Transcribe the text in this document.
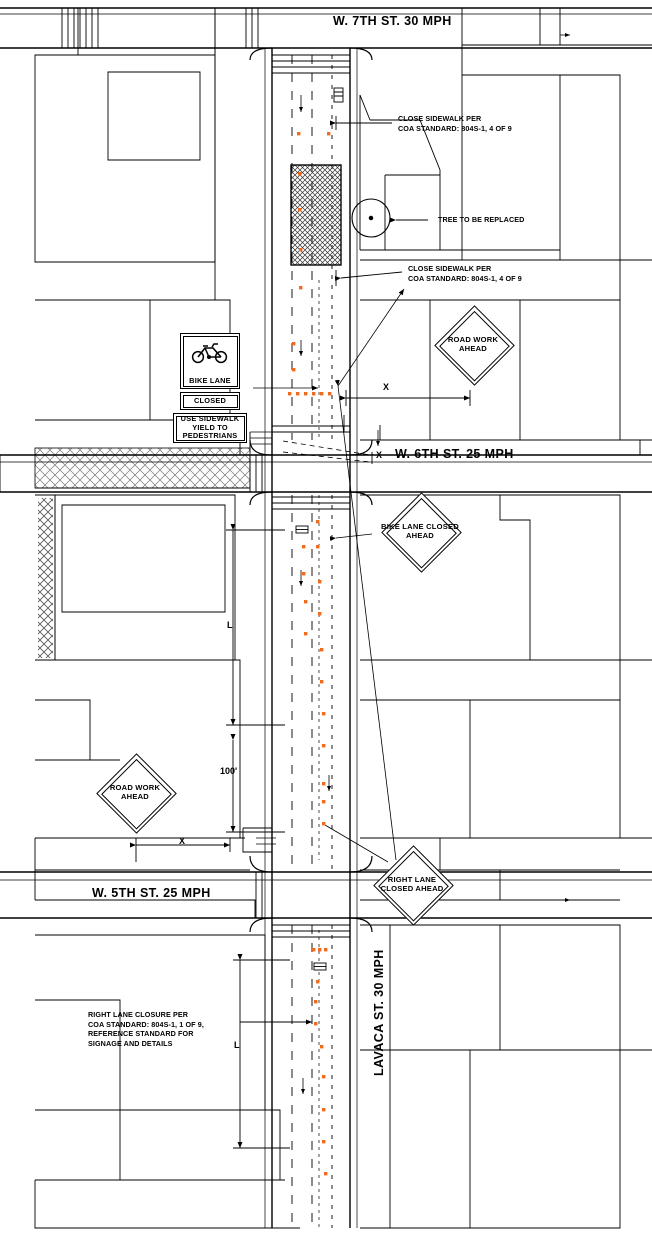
W. 7TH ST. 30 MPH
W. 6TH ST. 25 MPH
W. 5TH ST. 25 MPH
LAVACA ST. 30 MPH
CLOSE SIDEWALK PER
COA STANDARD: 804S-1, 4 OF 9
TREE TO BE REPLACED
CLOSE SIDEWALK PER
COA STANDARD: 804S-1, 4 OF 9
RIGHT LANE CLOSURE PER
COA STANDARD: 804S-1, 1 OF 9,
REFERENCE STANDARD FOR
SIGNAGE AND DETAILS
X
X
L
100'
X
L
ROAD WORK AHEAD
BIKE LANE CLOSED AHEAD
ROAD WORK AHEAD
RIGHT LANE CLOSED AHEAD
BIKE LANE
CLOSED
USE SIDEWALK YIELD TO PEDESTRIANS
